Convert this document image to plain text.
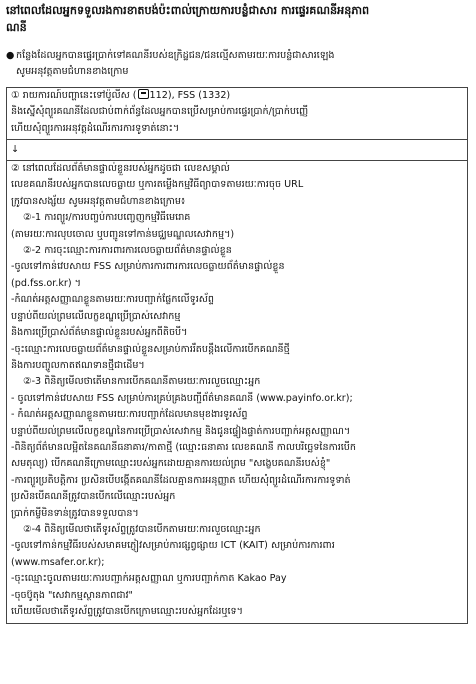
នៅពេលដែលអ្នកទទួលរងការខាតបង់ប៉ះពាល់ក្រោយការបន្លំជាសារ ការផ្ទេរគណនីអនុភាព
ណនី
● កន្លែងដែលអ្នកបានផ្ទេរប្រាក់ទៅគណនីរបស់ឧក្រិដ្ឋជន/ជនល្មើសតាមរយៈការបន្លំជាសារឡេង
សូមអនុវត្តតាមជំហានខាងក្រោម
① រាយការណ៍បញ្ហានេះទៅប៉ូលីស ( 112), FSS (1332)
និងស្នើសុំព្យួរគណនីដែលជាប់ពាក់ព័ន្ធដែលអ្នកបានប្រើសម្រាប់ការផ្ទេរប្រាក់/ប្រាក់បញ្ញើ
ហើយសុំព្យួរការអនុវត្តដំណើរការការទូទាត់នោះ។
↓
② នៅពេលដែលព័ត៌មានផ្ទាល់ខ្លួនរបស់អ្នកដូចជា លេខសម្គាល់
លេខគណនីរបស់អ្នកបានលេចធ្លាយ ឬការតម្លើងកម្មវិធីព្យាបាទតាមរយៈការចុច URL
ក្រូវបានសង្ស័យ សូមអនុវត្តតាមជំហានខាងក្រោម៖
②-1 ការព្យួរ/ការបញ្ចប់ការបញ្ចេញកម្មវិធីមេរោគ
(តាមរយៈការលុបចោល ឬបញ្ជូនទៅកាន់មជ្ឈមណ្ឌលសេវាកម្ម។)
②-2 ការចុះឈ្មោះការការពារការលេចធ្លាយព័ត៌មានផ្ទាល់ខ្លួន
-ចូលទៅកាន់វេបសាយ FSS សម្រាប់ការការពារការលេចធ្លាយព័ត៌មានផ្ទាល់ខ្លួន
(pd.fss.or.kr) ។
-កំណត់អត្តសញ្ញាណខ្លួនតាមរយៈការបញ្ជាក់ផ្លែកលើទូរស័ព្ទ
បន្ទាប់ពីយល់ព្រមលើលក្ខខណ្ឌប្រើប្រាស់សេវាកម្ម
និងការប្រើប្រាស់ព័ត៌មានផ្ទាល់ខ្លួនរបស់អ្នកពីតិចបី។
-ចុះឈ្មោះការលេចធ្លាយព័ត៌មានផ្ទាល់ខ្លួនសម្រាប់ការរឹតបន្តឹងលើការបើកគណនីថ្មី
និងការបញ្ចូលកាតឥណទានថ្មីជាដើម។
②-3 ពិនិត្យមើលថាតើមានការបើកគណនីតាមរយៈការលួចឈ្មោះអ្នក
- ចូលទៅកាន់វេបសាយ FSS សម្រាប់ការគ្រប់គ្រងបញ្ជីព័ត៌មានគណនី (www.payinfo.or.kr);
- កំណត់អត្តសញ្ញាណខ្លួនតាមរយៈការបញ្ជាក់ដែលមានមុខងារទូរស័ព្ទ
បន្ទាប់ពីយល់ព្រមលើលក្ខខណ្ឌនៃការប្រើប្រាស់សេវាកម្ម និងជូនផ្ទៀងផ្ទាត់ការបញ្ជាក់អត្តសញ្ញាណ។
-ពិនិត្យព័ត៌មានលម្អិតនៃគណនីធនាគារ/កាតាថ្មី (ឈ្មោះធនាគារ លេខគណនី កាលបរិច្ឆេទនៃការបើក
សមតុល្យ) បើកគណនីក្រោមឈ្មោះរបស់អ្នកដោយគ្មានការយល់ព្រម "សង្ខេបគណនីរបស់ខ្ញុំ"
-ការព្យួរប្រតិបត្តិការ ប្រសិនបើបង្កើតគណនីដែលគ្មានការអនុញ្ញាត ហើយសុំព្យួរដំណើរការការទូទាត់
ប្រសិនបើគណនីត្រូវបានបើកលើឈ្មោះរបស់អ្នក
ប្រាក់កម្ចីមិនទាន់ត្រូវបានទទួលបាន។
②-4 ពិនិត្យមើលថាតើទូរស័ព្ទត្រូវបានបើកតាមរយៈការលួចឈ្មោះអ្នក
-ចូលទៅកាន់កម្មវិធីរបស់សមាគមភ្ញៀវសម្រាប់ការផ្សព្វផ្សាយ ICT (KAIT) សម្រាប់ការការពារ
(www.msafer.or.kr);
-ចុះឈ្មោះចូលតាមរយៈការបញ្ជាក់អត្តសញ្ញាណ ឬការបញ្ជាក់កាត Kakao Pay
-ចុចប៊ូតុង "សេវាកម្មស្ថានភាពជាវ"
ហើយមើលថាតើទូរស័ព្ទត្រូវបានបើកក្រោមឈ្មោះរបស់អ្នកដែរឬទេ។
